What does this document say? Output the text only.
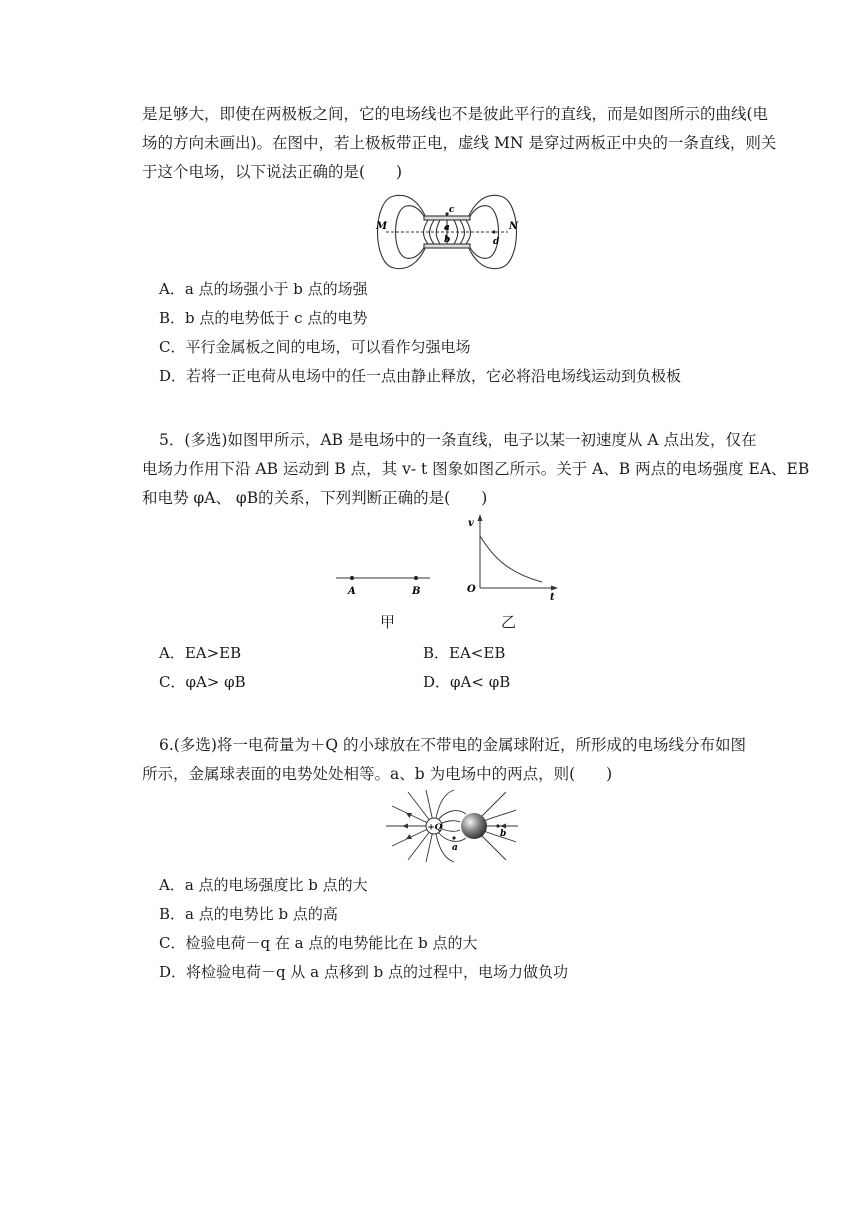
是足够大，即使在两极板之间，它的电场线也不是彼此平行的直线，而是如图所示的曲线(电
场的方向未画出)。在图中，若上极板带正电，虚线 MN 是穿过两板正中央的一条直线，则关
于这个电场，以下说法正确的是(　　)
M	N
c
a
b	d
A．a 点的场强小于 b 点的场强
B．b 点的电势低于 c 点的电势
C．平行金属板之间的电场，可以看作匀强电场
D．若将一正电荷从电场中的任一点由静止释放，它必将沿电场线运动到负极板
5．(多选)如图甲所示，AB 是电场中的一条直线，电子以某一初速度从 A 点出发，仅在
电场力作用下沿 AB 运动到 B 点，其 v- t 图象如图乙所示。关于 A、B 两点的电场强度 EA、EB
和电势 φA、 φB的关系，下列判断正确的是(　　)
A	B
v
O
t
甲	乙
A．EA>EB	B．EA<EB
C．φA> φB	D．φA< φB
6.(多选)将一电荷量为＋Q 的小球放在不带电的金属球附近，所形成的电场线分布如图
所示，金属球表面的电势处处相等。a、b 为电场中的两点，则(　　)
+Q
a
b
A．a 点的电场强度比 b 点的大
B．a 点的电势比 b 点的高
C．检验电荷－q 在 a 点的电势能比在 b 点的大
D．将检验电荷－q 从 a 点移到 b 点的过程中，电场力做负功
